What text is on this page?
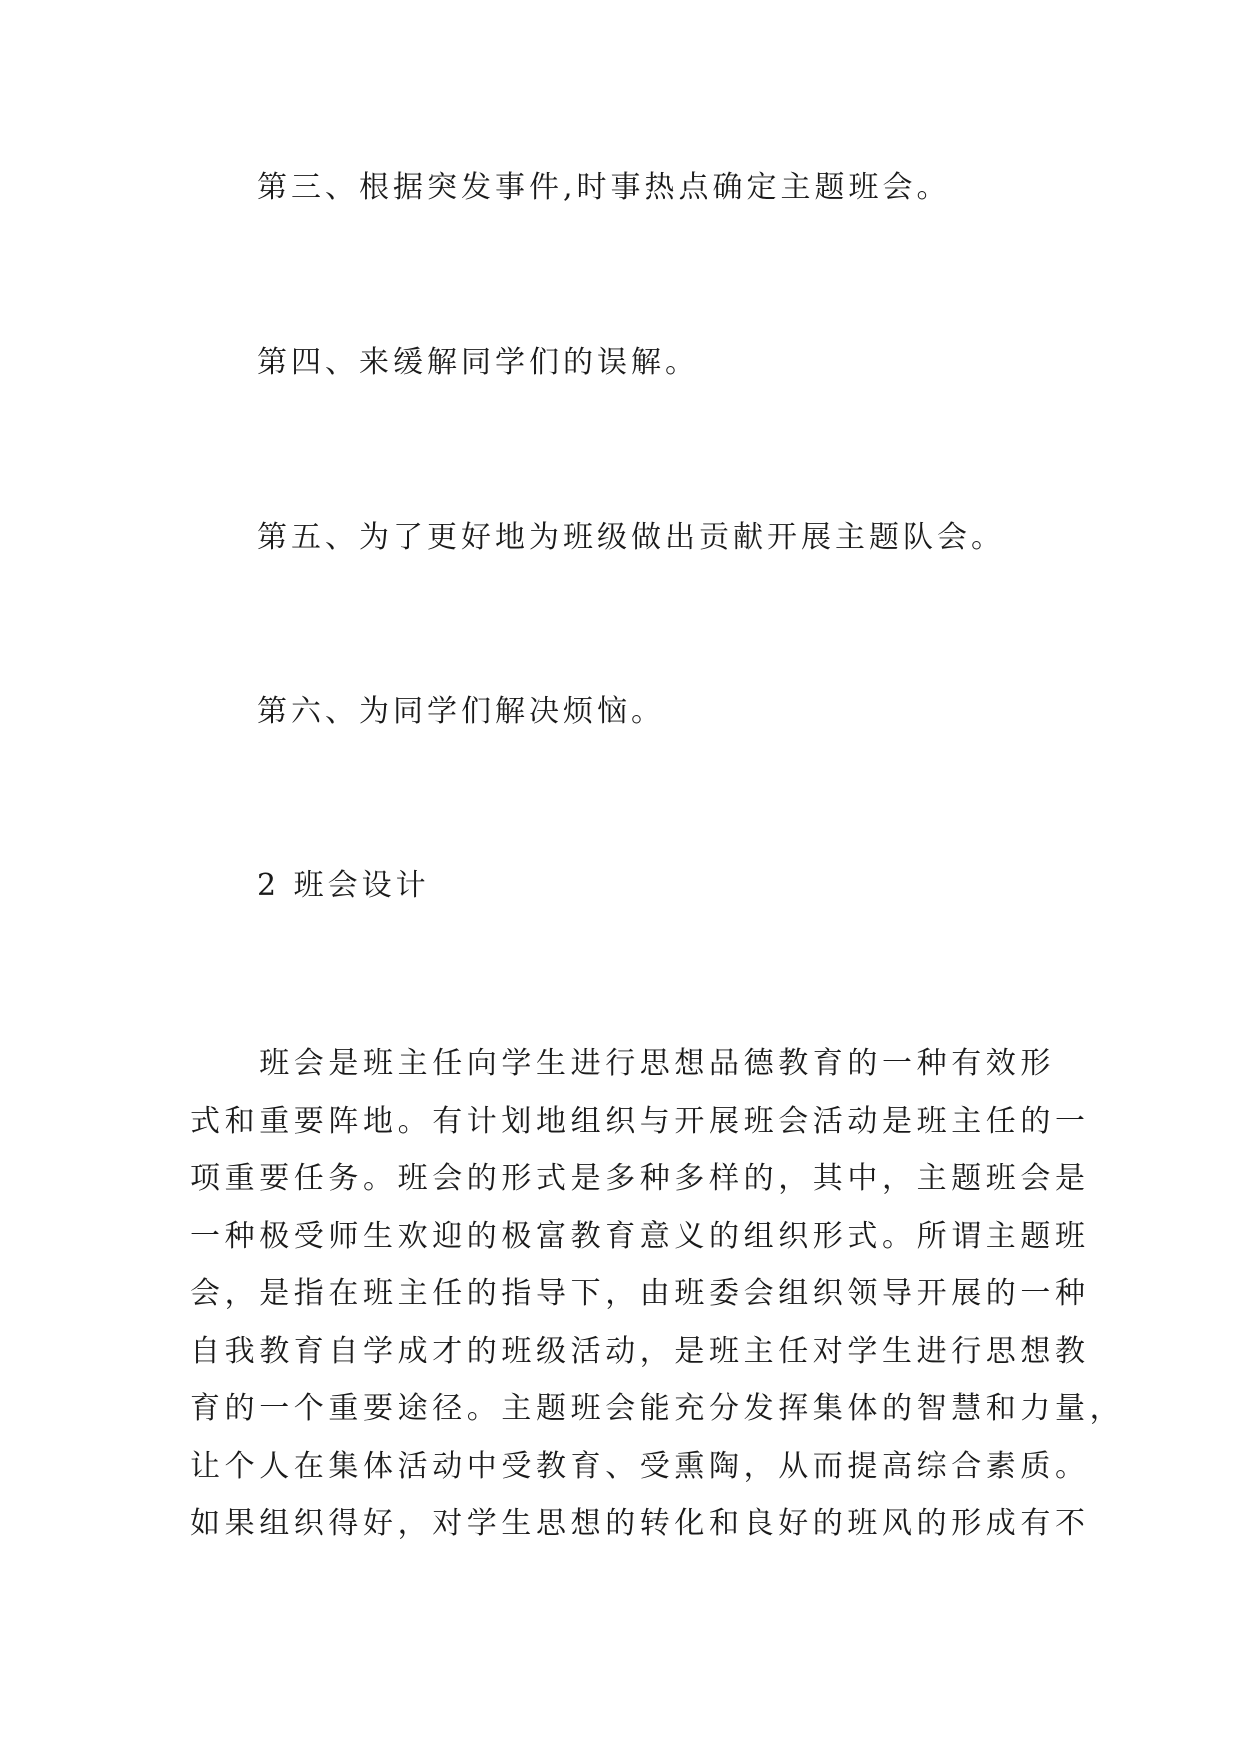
第三、根据突发事件,时事热点确定主题班会。

第四、来缓解同学们的误解。

第五、为了更好地为班级做出贡献开展主题队会。

第六、为同学们解决烦恼。

2 班会设计
　　班会是班主任向学生进行思想品德教育的一种有效形
式和重要阵地。有计划地组织与开展班会活动是班主任的一
项重要任务。班会的形式是多种多样的，其中，主题班会是
一种极受师生欢迎的极富教育意义的组织形式。所谓主题班
会，是指在班主任的指导下，由班委会组织领导开展的一种
自我教育自学成才的班级活动，是班主任对学生进行思想教
育的一个重要途径。主题班会能充分发挥集体的智慧和力量，
让个人在集体活动中受教育、受熏陶，从而提高综合素质。
如果组织得好，对学生思想的转化和良好的班风的形成有不
